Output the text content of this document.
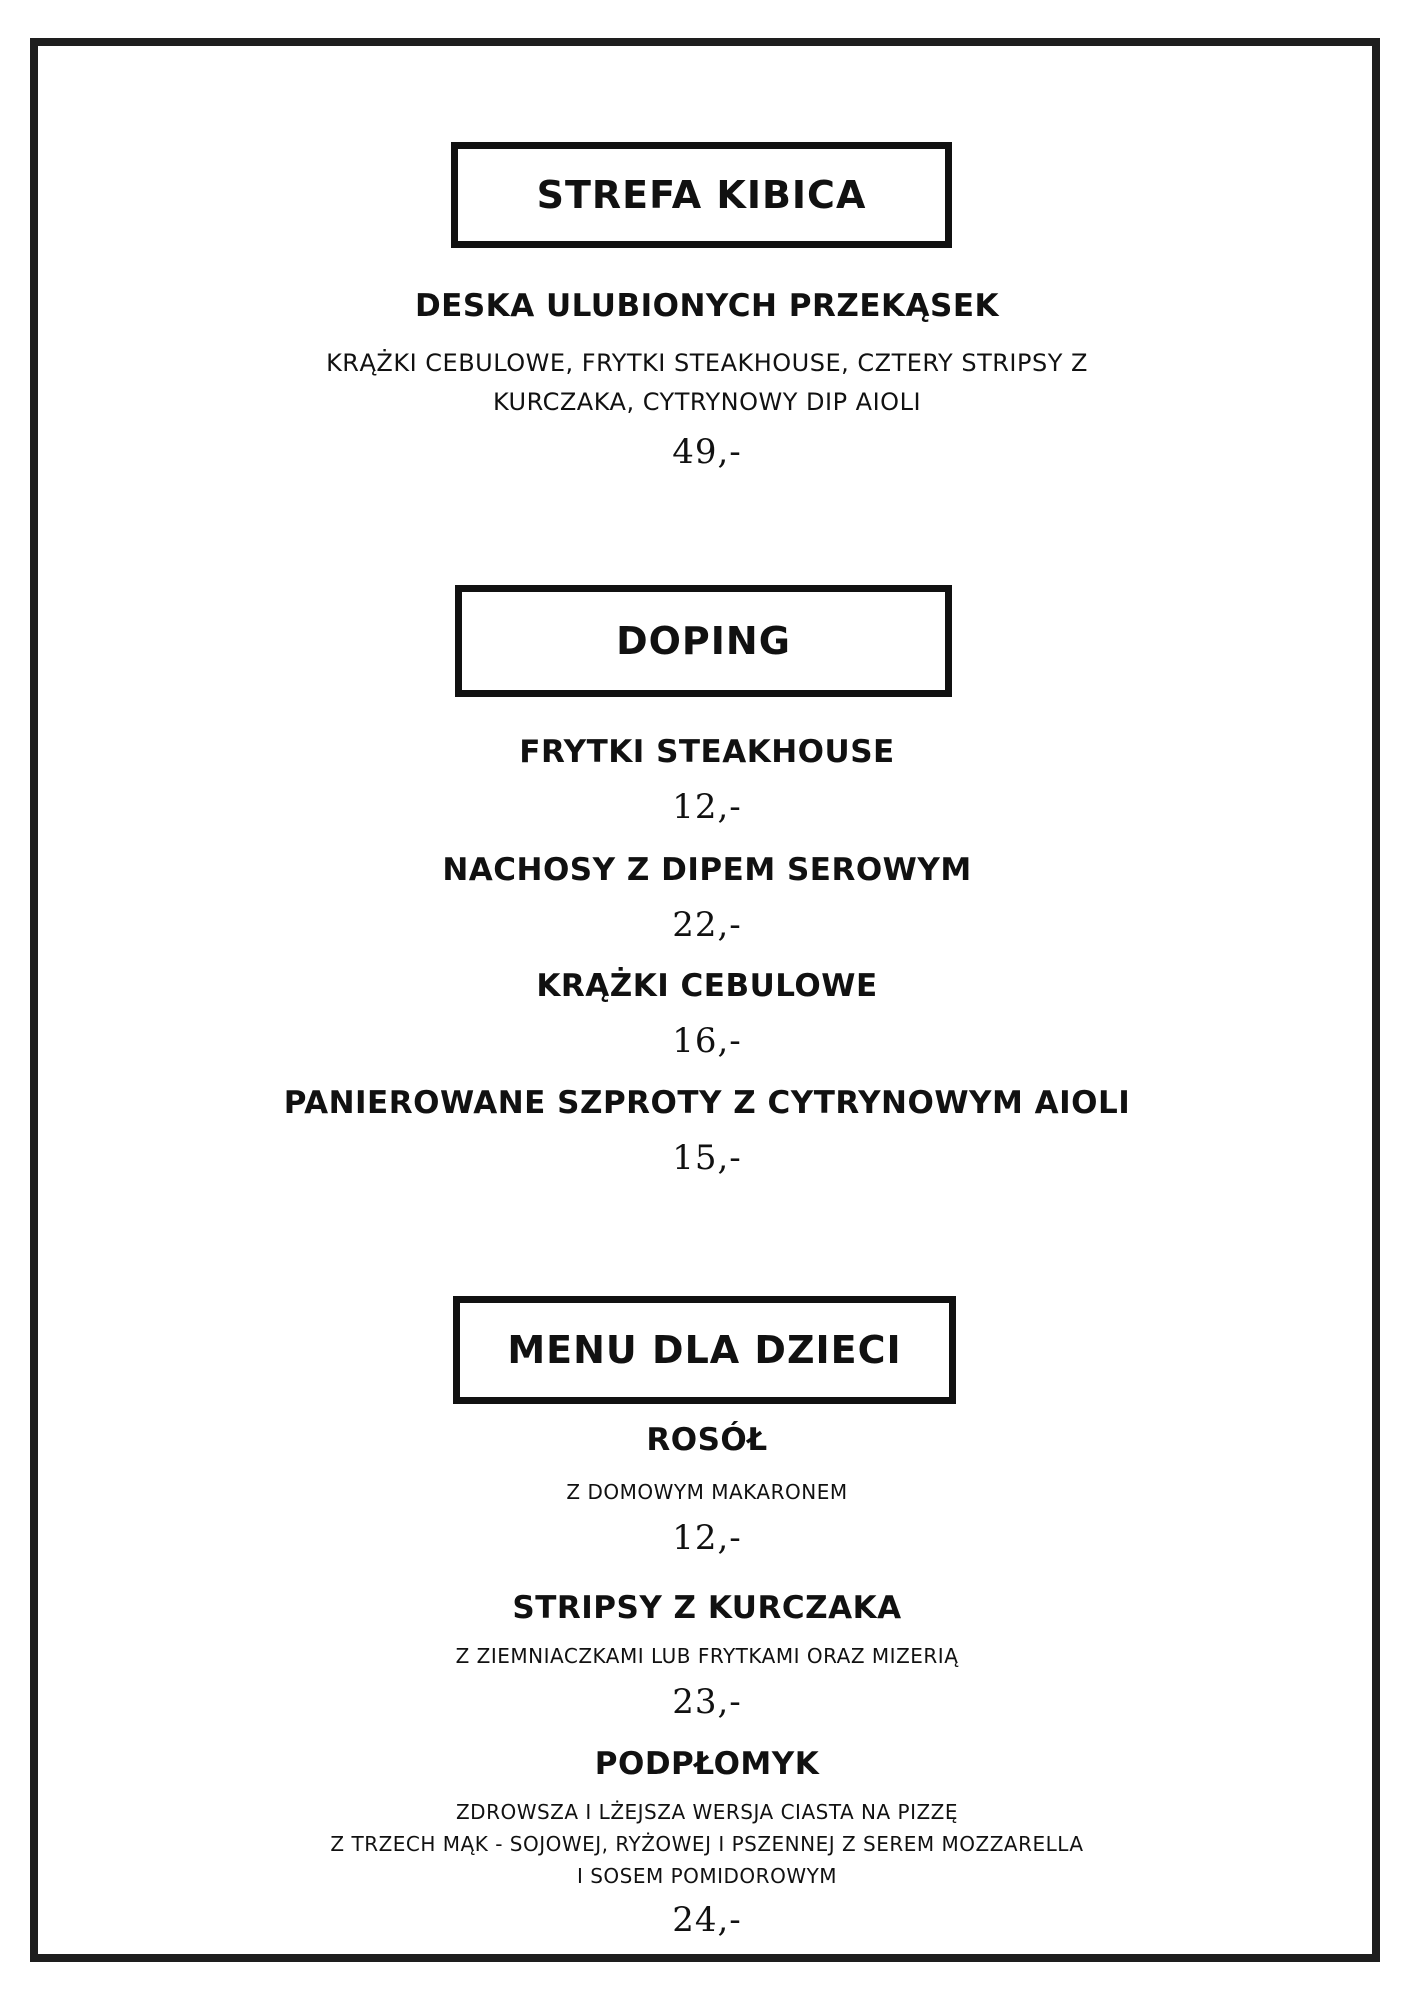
STREFA KIBICA
DESKA ULUBIONYCH PRZEKĄSEK
KRĄŻKI CEBULOWE, FRYTKI STEAKHOUSE, CZTERY STRIPSY Z
KURCZAKA, CYTRYNOWY DIP AIOLI
49,-
DOPING
FRYTKI STEAKHOUSE
12,-
NACHOSY Z DIPEM SEROWYM
22,-
KRĄŻKI CEBULOWE
16,-
PANIEROWANE SZPROTY Z CYTRYNOWYM AIOLI
15,-
MENU DLA DZIECI
ROSÓŁ
Z DOMOWYM MAKARONEM
12,-
STRIPSY Z KURCZAKA
Z ZIEMNIACZKAMI LUB FRYTKAMI ORAZ MIZERIĄ
23,-
PODPŁOMYK
ZDROWSZA I LŻEJSZA WERSJA CIASTA NA PIZZĘ
Z TRZECH MĄK - SOJOWEJ, RYŻOWEJ I PSZENNEJ Z SEREM MOZZARELLA
I SOSEM POMIDOROWYM
24,-
